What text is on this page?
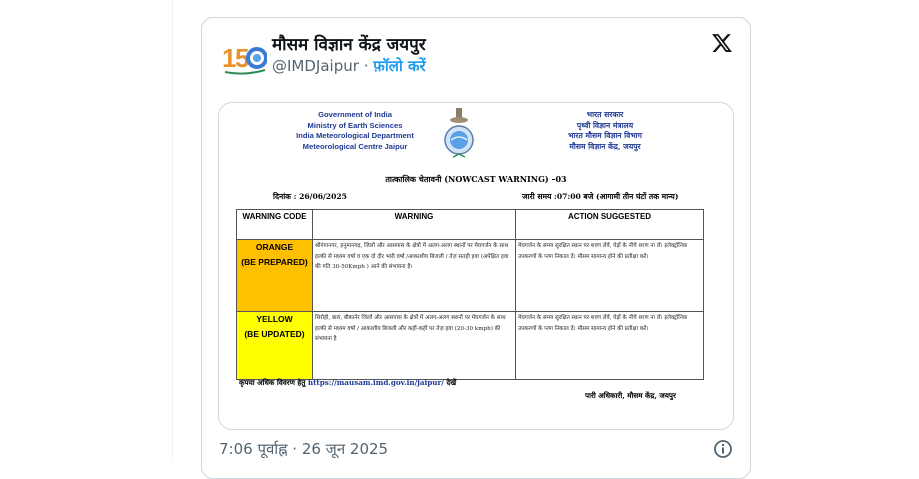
1
5 मौसम विज्ञान केंद्र जयपुर
@IMDJaipur · फ़ॉलो करें
Government of India
Ministry of Earth Sciences
India Meteorological Department
Meteorological Centre Jaipur
भारत सरकार
पृथ्वी विज्ञान मंत्रालय
भारत मौसम विज्ञान विभाग
मौसम विज्ञान केंद्र, जयपुर
तात्कालिक चेतावनी (NOWCAST WARNING) –03
दिनांक : 26/06/2025	जारी समय :07:00 बजे (आगामी तीन घंटों तक मान्य)
WARNING CODE	WARNING	ACTION SUGGESTED

ORANGE
(BE PREPARED)	श्रीगंगानगर, हनुमानगढ़, जिलों और आसपास के क्षेत्रों में अलग-अलग स्थानों पर मेघगर्जन के साथ हल्की से मध्यम वर्षा व एक दो दौर भारी वर्षा /आकाशीय बिजली / तेज़ सतही हवा (अपेक्षित हवा की गति 30-50Kmph ) आने की संभावना है।	मेघगर्जन के समय सुरक्षित स्थान पर शरण लेवें, पेड़ों के नीचे शरण ना लें। इलेक्ट्रॉनिक उपकरणों के प्लग निकाल दें। मौसम सामान्य होने की प्रतीक्षा करें।

YELLOW
(BE UPDATED)	सिरोही, बारां, बीकानेर जिलों और आसपास के क्षेत्रों में अलग-अलग स्थानों पर मेघगर्जन के साथ हल्की से मध्यम वर्षा / आकाशीय बिजली और कहीं-कहीं पर तेज़ हवा (20-30 kmph) की संभावना है	मेघगर्जन के समय सुरक्षित स्थान पर शरण लेवें, पेड़ों के नीचे शरण ना लें। इलेक्ट्रॉनिक उपकरणों के प्लग निकाल दें। मौसम सामान्य होने की प्रतीक्षा करें।
कृपया अधिक विवरण हेतु https://mausam.imd.gov.in/jaipur/ देखें
पारी अधिकारी, मौसम केंद्र, जयपुर
7:06 पूर्वाह्न · 26 जून 2025
